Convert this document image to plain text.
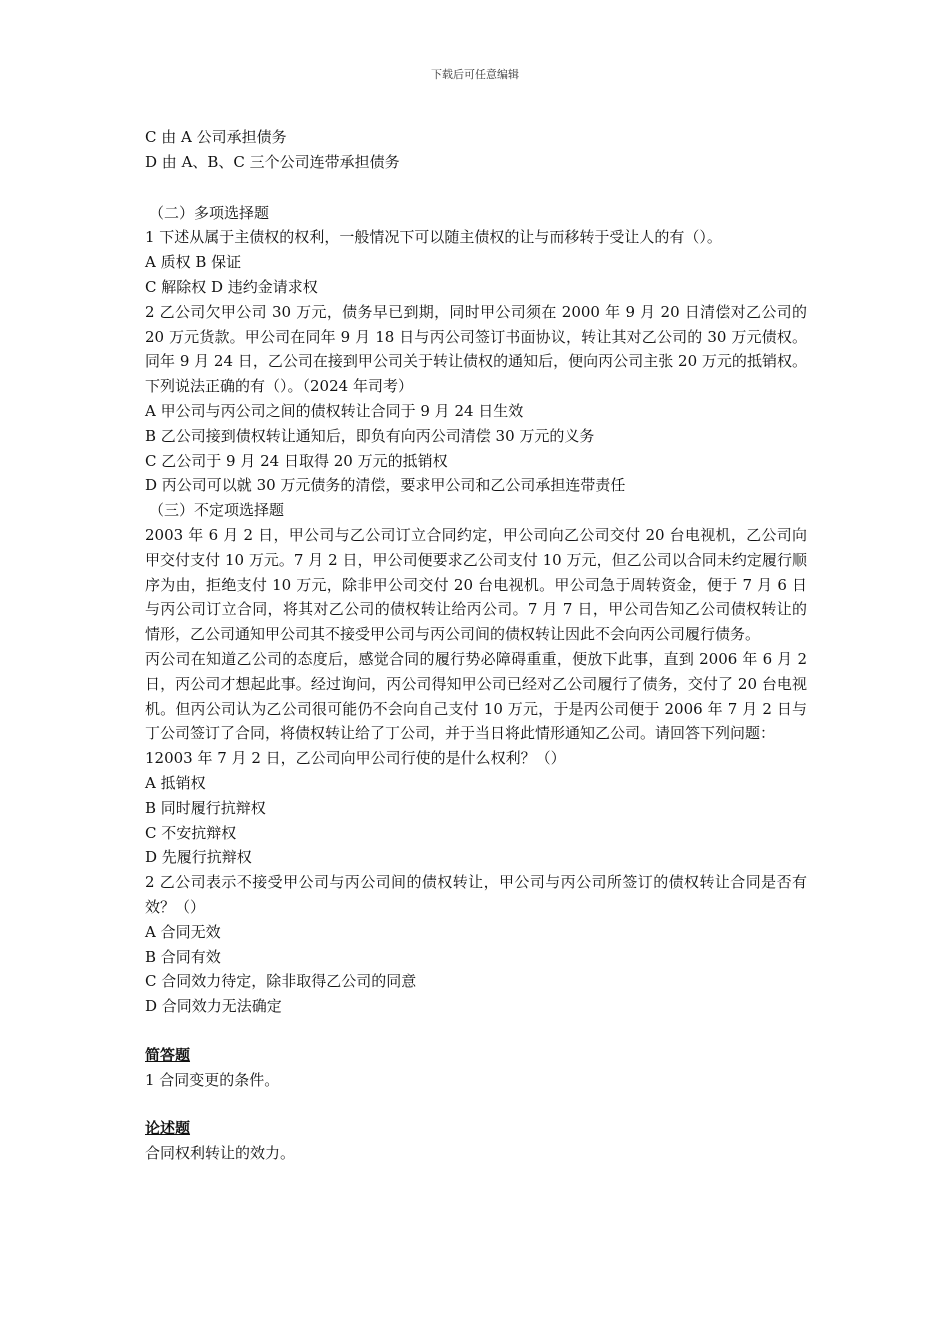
下载后可任意编辑
C 由 A 公司承担债务
D 由 A、B、C 三个公司连带承担债务
（二）多项选择题
1 下述从属于主债权的权利，一般情况下可以随主债权的让与而移转于受让人的有（）。
A 质权 B 保证
C 解除权 D 违约金请求权
2 乙公司欠甲公司 30 万元，债务早已到期，同时甲公司须在 2000 年 9 月 20 日清偿对乙公司的 20 万元货款。甲公司在同年 9 月 18 日与丙公司签订书面协议，转让其对乙公司的 30 万元债权。同年 9 月 24 日，乙公司在接到甲公司关于转让债权的通知后，便向丙公司主张 20 万元的抵销权。下列说法正确的有（）。（2024 年司考）
A 甲公司与丙公司之间的债权转让合同于 9 月 24 日生效
B 乙公司接到债权转让通知后，即负有向丙公司清偿 30 万元的义务
C 乙公司于 9 月 24 日取得 20 万元的抵销权
D 丙公司可以就 30 万元债务的清偿，要求甲公司和乙公司承担连带责任
（三）不定项选择题
2003 年 6 月 2 日，甲公司与乙公司订立合同约定，甲公司向乙公司交付 20 台电视机，乙公司向甲交付支付 10 万元。7 月 2 日，甲公司便要求乙公司支付 10 万元，但乙公司以合同未约定履行顺序为由，拒绝支付 10 万元，除非甲公司交付 20 台电视机。甲公司急于周转资金，便于 7 月 6 日与丙公司订立合同，将其对乙公司的债权转让给丙公司。7 月 7 日，甲公司告知乙公司债权转让的情形，乙公司通知甲公司其不接受甲公司与丙公司间的债权转让因此不会向丙公司履行债务。
丙公司在知道乙公司的态度后，感觉合同的履行势必障碍重重，便放下此事，直到 2006 年 6 月 2 日，丙公司才想起此事。经过询问，丙公司得知甲公司已经对乙公司履行了债务，交付了 20 台电视机。但丙公司认为乙公司很可能仍不会向自己支付 10 万元，于是丙公司便于 2006 年 7 月 2 日与丁公司签订了合同，将债权转让给了丁公司，并于当日将此情形通知乙公司。请回答下列问题：
12003 年 7 月 2 日，乙公司向甲公司行使的是什么权利？（）
A 抵销权
B 同时履行抗辩权
C 不安抗辩权
D 先履行抗辩权
2 乙公司表示不接受甲公司与丙公司间的债权转让，甲公司与丙公司所签订的债权转让合同是否有效？（）
A 合同无效
B 合同有效
C 合同效力待定，除非取得乙公司的同意
D 合同效力无法确定
简答题
1 合同变更的条件。
论述题
合同权利转让的效力。
